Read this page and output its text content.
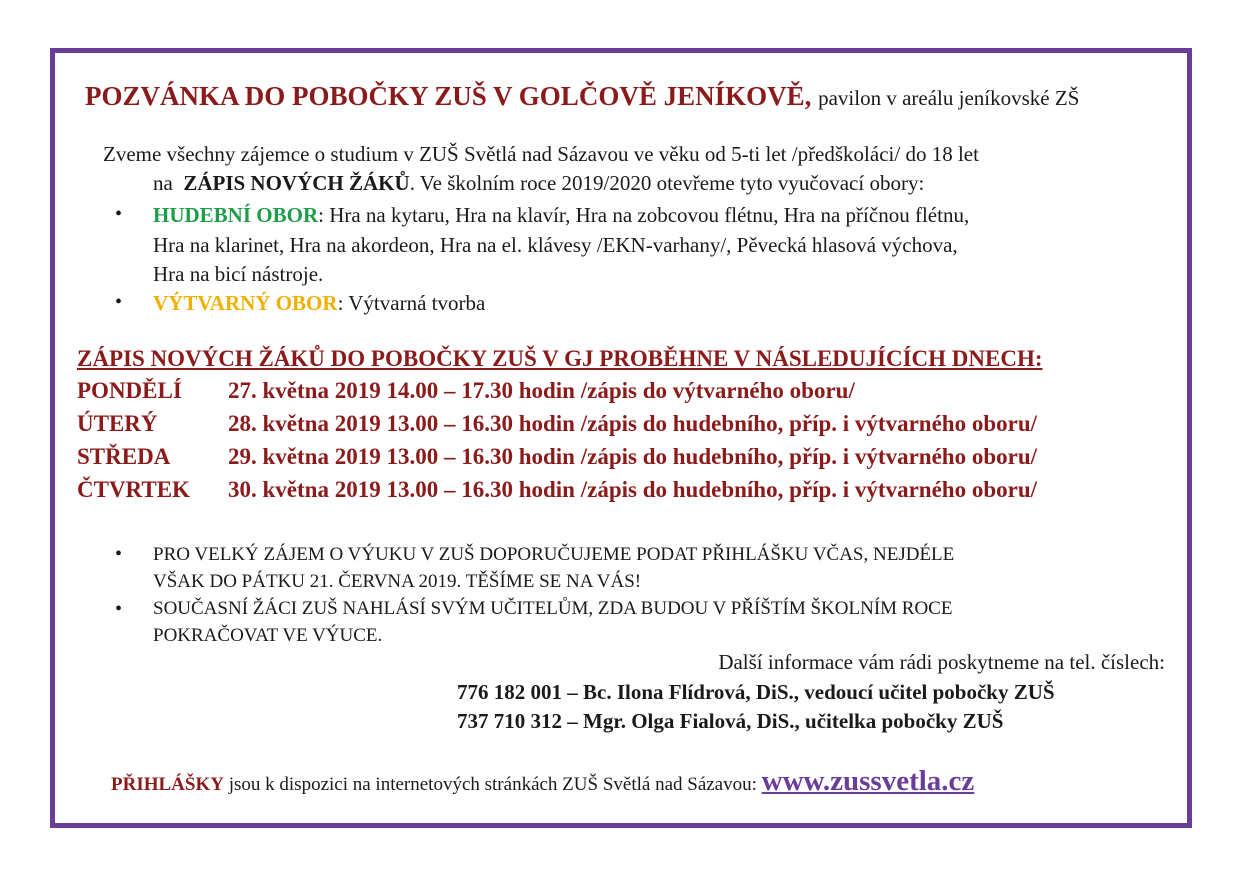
POZVÁNKA DO POBOČKY ZUŠ V GOLČOVĚ JENÍKOVĚ, pavilon v areálu jeníkovské ZŠ
Zveme všechny zájemce o studium v ZUŠ Světlá nad Sázavou ve věku od 5-ti let /předškoláci/ do 18 let
na ZÁPIS NOVÝCH ŽÁKŮ. Ve školním roce 2019/2020 otevřeme tyto vyučovací obory:
• HUDEBNÍ OBOR: Hra na kytaru, Hra na klavír, Hra na zobcovou flétnu, Hra na příčnou flétnu,
Hra na klarinet, Hra na akordeon, Hra na el. klávesy /EKN-varhany/, Pěvecká hlasová výchova,
Hra na bicí nástroje.
• VÝTVARNÝ OBOR: Výtvarná tvorba
ZÁPIS NOVÝCH ŽÁKŮ DO POBOČKY ZUŠ V GJ PROBĚHNE V NÁSLEDUJÍCÍCH DNECH:
PONDĚLÍ 27. května 2019 14.00 – 17.30 hodin /zápis do výtvarného oboru/
ÚTERÝ	28. května 2019 13.00 – 16.30 hodin /zápis do hudebního, příp. i výtvarného oboru/
STŘEDA	29. května 2019 13.00 – 16.30 hodin /zápis do hudebního, příp. i výtvarného oboru/
ČTVRTEK 30. května 2019 13.00 – 16.30 hodin /zápis do hudebního, příp. i výtvarného oboru/
• PRO VELKÝ ZÁJEM O VÝUKU V ZUŠ DOPORUČUJEME PODAT PŘIHLÁŠKU VČAS, NEJDÉLE
VŠAK DO PÁTKU 21. ČERVNA 2019. TĚŠÍME SE NA VÁS!
• SOUČASNÍ ŽÁCI ZUŠ NAHLÁSÍ SVÝM UČITELŮM, ZDA BUDOU V PŘÍŠTÍM ŠKOLNÍM ROCE
POKRAČOVAT VE VÝUCE.
Další informace vám rádi poskytneme na tel. číslech:
776 182 001 – Bc. Ilona Flídrová, DiS., vedoucí učitel pobočky ZUŠ
737 710 312 – Mgr. Olga Fialová, DiS., učitelka pobočky ZUŠ
PŘIHLÁŠKY jsou k dispozici na internetových stránkách ZUŠ Světlá nad Sázavou: www.zussvetla.cz
